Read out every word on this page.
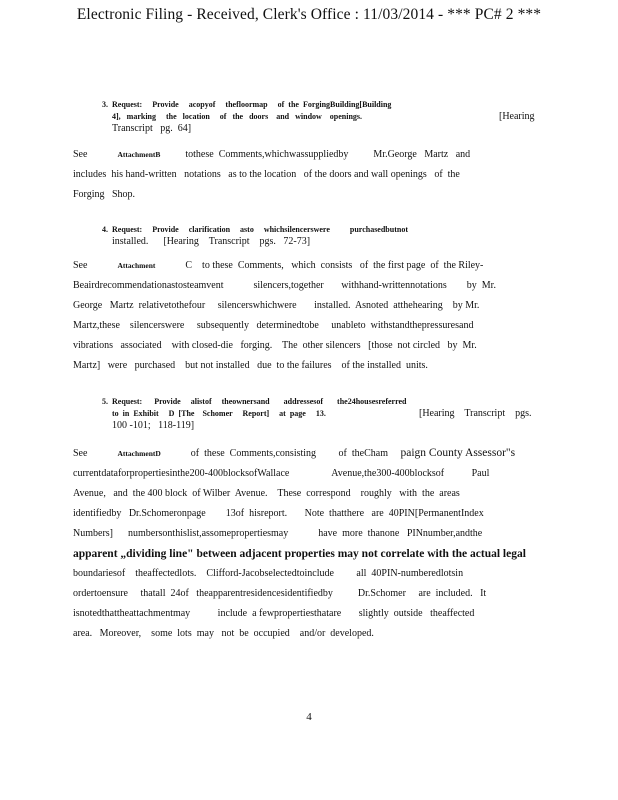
Electronic Filing - Received, Clerk's Office : 11/03/2014 - *** PC# 2 ***
3. Request:     Provide     acopyof     thefloormap     of  the  ForgingBuilding[Building
4],   marking     the   location     of   the   doors    and   window    openings.	[Hearing
Transcript   pg.  64]

See	AttachmentB	tothese  Comments,whichwassuppliedby          Mr.George   Martz   and

includes  his hand-written   notations   as to the location   of the doors and wall openings   of  the

Forging   Shop.

4. Request:     Provide     clarification     asto     whichsilencerswere          purchasedbutnot
installed.      [Hearing    Transcript    pgs.   72-73]

See	Attachment	C    to these  Comments,   which  consists   of  the first page  of  the Riley-

Beairdrecommendationastosteamvent            silencers,together       withhand-writtennotations        by  Mr.

George   Martz  relativetothefour     silencerswhichwere       installed.  Asnoted  atthehearing    by Mr.

Martz,these    silencerswere     subsequently   determinedtobe     unableto  withstandthepressuresand

vibrations   associated    with closed-die   forging.    The  other silencers   [those  not circled   by  Mr.

Martz]   were   purchased    but not installed   due  to the failures    of the installed  units.

5. Request:      Provide     alistof     theownersand       addressesof       the24housesreferred
to  in  Exhibit     D  [The    Schomer     Report]     at  page     13.	[Hearing    Transcript    pgs.
100 -101;   118-119]

See	AttachmentD	of  these  Comments,consisting         of  theCham paign County Assessor"s

currentdataforpropertiesinthe200-400blocksofWallace                 Avenue,the300-400blocksof           Paul

Avenue,   and  the 400 block  of Wilber  Avenue.    These  correspond    roughly   with  the  areas

identifiedby   Dr.Schomeronpage        13of  hisreport.       Note  thatthere   are  40PIN[PermanentIndex

Numbers]      numbersonthislist,assomepropertiesmay            have  more  thanone   PINnumber,andthe

apparent „dividing line" between adjacent properties may not correlate with the actual legal

boundariesof    theaffectedlots.    Clifford-Jacobselectedtoinclude         all  40PIN-numberedlotsin

ordertoensure     thatall  24of   theapparentresidencesidentifiedby          Dr.Schomer     are  included.   It

isnotedthattheattachmentmay           include  a fewpropertiesthatare       slightly  outside   theaffected

area.   Moreover,    some  lots  may   not  be  occupied    and/or  developed.

4
